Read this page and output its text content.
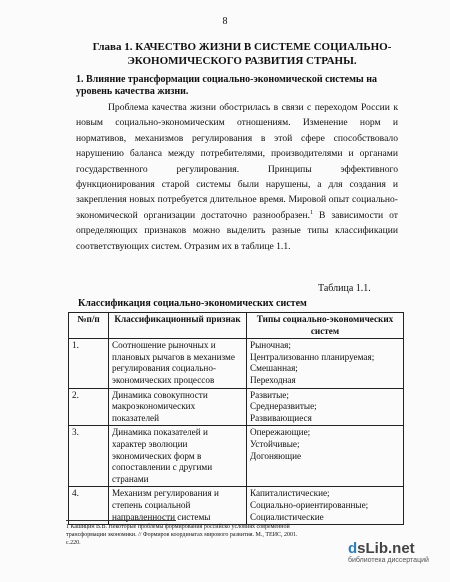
8
Глава 1. КАЧЕСТВО ЖИЗНИ В СИСТЕМЕ СОЦИАЛЬНО-ЭКОНОМИЧЕСКОГО РАЗВИТИЯ СТРАНЫ.
1. Влияние трансформации социально-экономической системы на уровень качества жизни.

Проблема качества жизни обострилась в связи с переходом России к новым социально-экономическим отношениям. Изменение норм и нормативов, механизмов регулирования в этой сфере способствовало нарушению баланса между потребителями, производителями и органами государственного регулирования. Принципы эффективного функционирования старой системы были нарушены, а для создания и закрепления новых потребуется длительное время. Мировой опыт социально-экономической организации достаточно разнообразен.$^1$ В зависимости от определяющих признаков можно выделить разные типы классификации соответствующих систем. Отразим их в таблице 1.1.

Таблица 1.1.
Классификация социально-экономических систем
№п/п	Классификационный признак	Типы социально-экономических систем
1.	Соотношение рыночных и плановых рычагов в механизме регулирования социально-экономических процессов	Рыночная;
Централизованно планируемая;
Смешанная;
Переходная

2.	Динамика совокупности макроэкономических показателей	Развитые;
Среднеразвитые;
Развивающиеся

3.	Динамика показателей и характер эволюции экономических форм в сопоставлении с другими странами	Опережающие;
Устойчивые;
Догоняющие

4.	Механизм регулирования и степень социальной направленности системы	Капиталистические;
Социально-ориентированные;
Социалистические
1 Кашицин В.В. Некоторые проблемы формирования российско условиях современной трансформации экономики. // Формиров координатах мирового развития. М., ТЕИС, 2001. с.220.	dsLib.net
библиотека диссертаций
